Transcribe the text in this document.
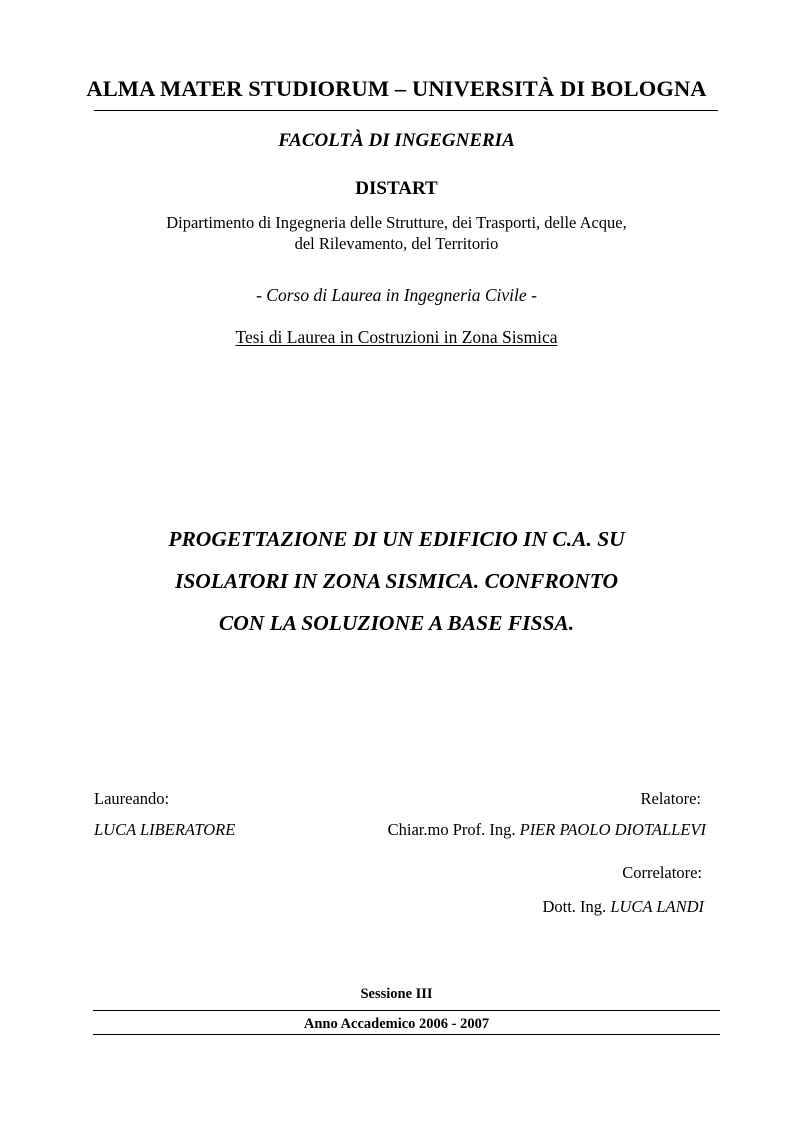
ALMA MATER STUDIORUM – UNIVERSITÀ DI BOLOGNA
FACOLTÀ DI INGEGNERIA
DISTART
Dipartimento di Ingegneria delle Strutture, dei Trasporti, delle Acque,
del Rilevamento, del Territorio
- Corso di Laurea in Ingegneria Civile -
Tesi di Laurea in Costruzioni in Zona Sismica
PROGETTAZIONE DI UN EDIFICIO IN C.A. SU
ISOLATORI IN ZONA SISMICA. CONFRONTO
CON LA SOLUZIONE A BASE FISSA.
Laureando:
LUCA LIBERATORE
Relatore:
Chiar.mo Prof. Ing. PIER PAOLO DIOTALLEVI
Correlatore:
Dott. Ing. LUCA LANDI
Sessione III
Anno Accademico 2006 - 2007
